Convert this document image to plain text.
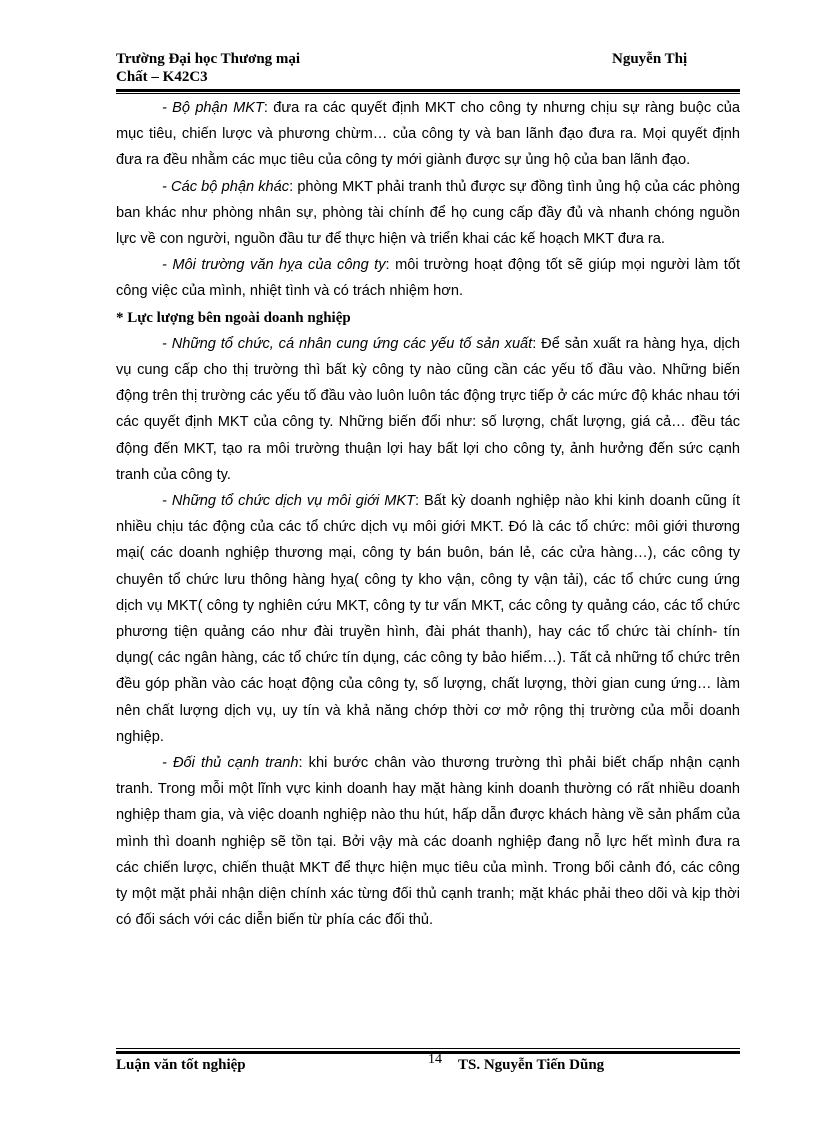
Trường Đại học Thương mại	Nguyễn Thị
Chất – K42C3

- Bộ phận MKT: đưa ra các quyết định MKT cho công ty nhưng chịu sự ràng buộc của mục tiêu, chiến lược và phương chừm… của công ty và ban lãnh đạo đưa ra. Mọi quyết định đưa ra đều nhằm các mục tiêu của công ty mới giành được sự ủng hộ của ban lãnh đạo.

- Các bộ phận khác: phòng MKT phải tranh thủ được sự đồng tình ủng hộ của các phòng ban khác như phòng nhân sự, phòng tài chính để họ cung cấp đầy đủ và nhanh chóng nguồn lực về con người, nguồn đầu tư để thực hiện và triển khai các kế hoạch MKT đưa ra.

- Môi trường văn hỵa của công ty: môi trường hoạt động tốt sẽ giúp mọi người làm tốt công việc của mình, nhiệt tình và có trách nhiệm hơn.

* Lực lượng bên ngoài doanh nghiệp

- Những tổ chức, cá nhân cung ứng các yếu tố sản xuất: Để sản xuất ra hàng hỵa, dịch vụ cung cấp cho thị trường thì bất kỳ công ty nào cũng cần các yếu tố đầu vào. Những biến động trên thị trường các yếu tố đầu vào luôn luôn tác động trực tiếp ở các mức độ khác nhau tới các quyết định MKT của công ty. Những biến đổi như: số lượng, chất lượng, giá cả… đều tác động đến MKT, tạo ra môi trường thuận lợi hay bất lợi cho công ty, ảnh hưởng đến sức cạnh tranh của công ty.

- Những tổ chức dịch vụ môi giới MKT: Bất kỳ doanh nghiệp nào khi kinh doanh cũng ít nhiều chịu tác động của các tổ chức dịch vụ môi giới MKT. Đó là các tổ chức: môi giới thương mại( các doanh nghiệp thương mại, công ty bán buôn, bán lẻ, các cửa hàng…), các công ty chuyên tổ chức lưu thông hàng hỵa( công ty kho vận, công ty vận tải), các tổ chức cung ứng dịch vụ MKT( công ty nghiên cứu MKT, công ty tư vấn MKT, các công ty quảng cáo, các tổ chức phương tiện quảng cáo như đài truyền hình, đài phát thanh), hay các tổ chức tài chính- tín dụng( các ngân hàng, các tổ chức tín dụng, các công ty bảo hiểm…). Tất cả những tổ chức trên đều góp phần vào các hoạt động của công ty, số lượng, chất lượng, thời gian cung ứng… làm nên chất lượng dịch vụ, uy tín và khả năng chớp thời cơ mở rộng thị trường của mỗi doanh nghiệp.

- Đối thủ cạnh tranh: khi bước chân vào thương trường thì phải biết chấp nhận cạnh tranh. Trong mỗi một lĩnh vực kinh doanh hay mặt hàng kinh doanh thường có rất nhiều doanh nghiệp tham gia, và việc doanh nghiệp nào thu hút, hấp dẫn được khách hàng về sản phẩm của mình thì doanh nghiệp sẽ tồn tại. Bởi vậy mà các doanh nghiệp đang nỗ lực hết mình đưa ra các chiến lược, chiến thuật MKT để thực hiện mục tiêu của mình. Trong bối cảnh đó, các công ty một mặt phải nhận diện chính xác từng đối thủ cạnh tranh; mặt khác phải theo dõi và kịp thời có đối sách với các diễn biến từ phía các đối thủ.

Luận văn tốt nghiệp	14 TS. Nguyễn Tiến Dũng
